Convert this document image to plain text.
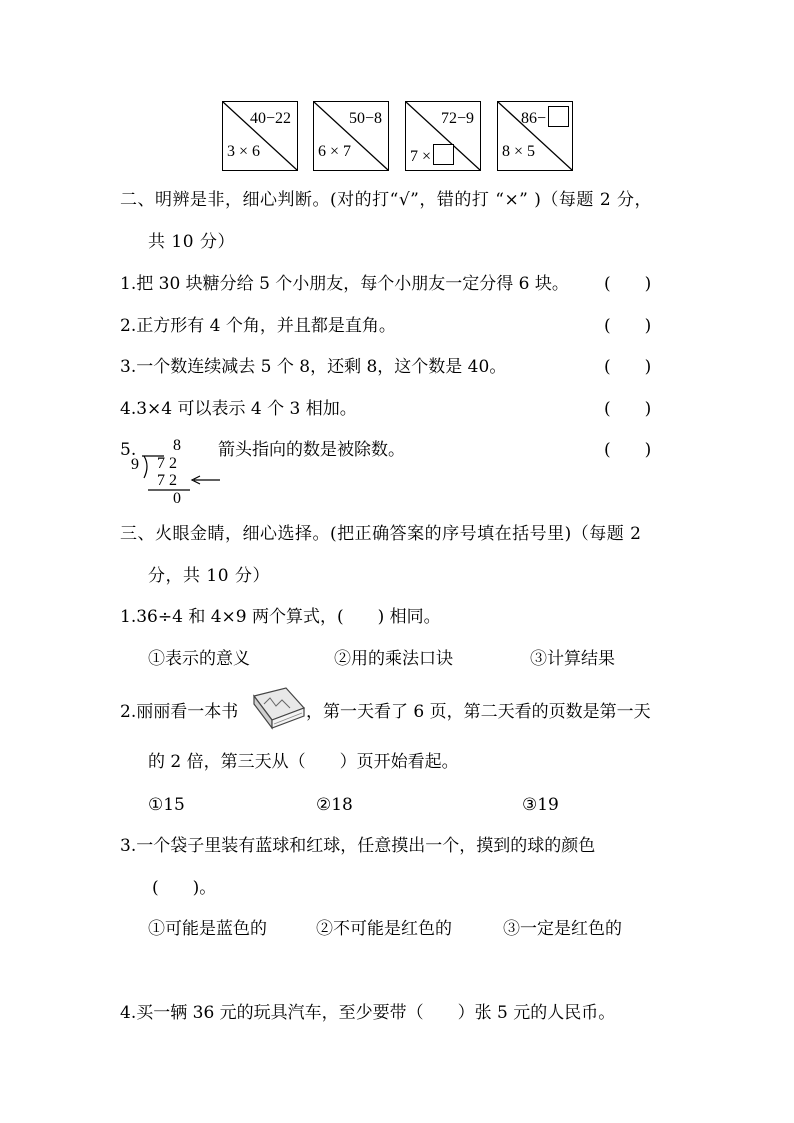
40−22
3 × 6
50−8
6 × 7
72−9
7 ×
86−
8 × 5
二、明辨是非，细心判断。(对的打“√”，错的打 “×” )（每题 2 分，
共 10 分）
1.把 30 块糖分给 5 个小朋友，每个小朋友一定分得 6 块。 (　　)
2.正方形有 4 个角，并且都是直角。	(　　)
3.一个数连续减去 5 个 8，还剩 8，这个数是 40。	(　　)
4.3×4 可以表示 4 个 3 相加。	(　　)
5. 8
9 7 2
7 2
0
箭头指向的数是被除数。	(　　)
三、火眼金睛，细心选择。(把正确答案的序号填在括号里)（每题 2
分，共 10 分）
1.36÷4 和 4×9 两个算式，(　　) 相同。
①表示的意义	②用的乘法口诀	③计算结果
2.丽丽看一本书	，第一天看了 6 页，第二天看的页数是第一天
的 2 倍，第三天从（　　）页开始看起。
①15	②18	③19
3.一个袋子里装有蓝球和红球，任意摸出一个，摸到的球的颜色
(　　)。
①可能是蓝色的	②不可能是红色的	③一定是红色的
4.买一辆 36 元的玩具汽车，至少要带（　　）张 5 元的人民币。
